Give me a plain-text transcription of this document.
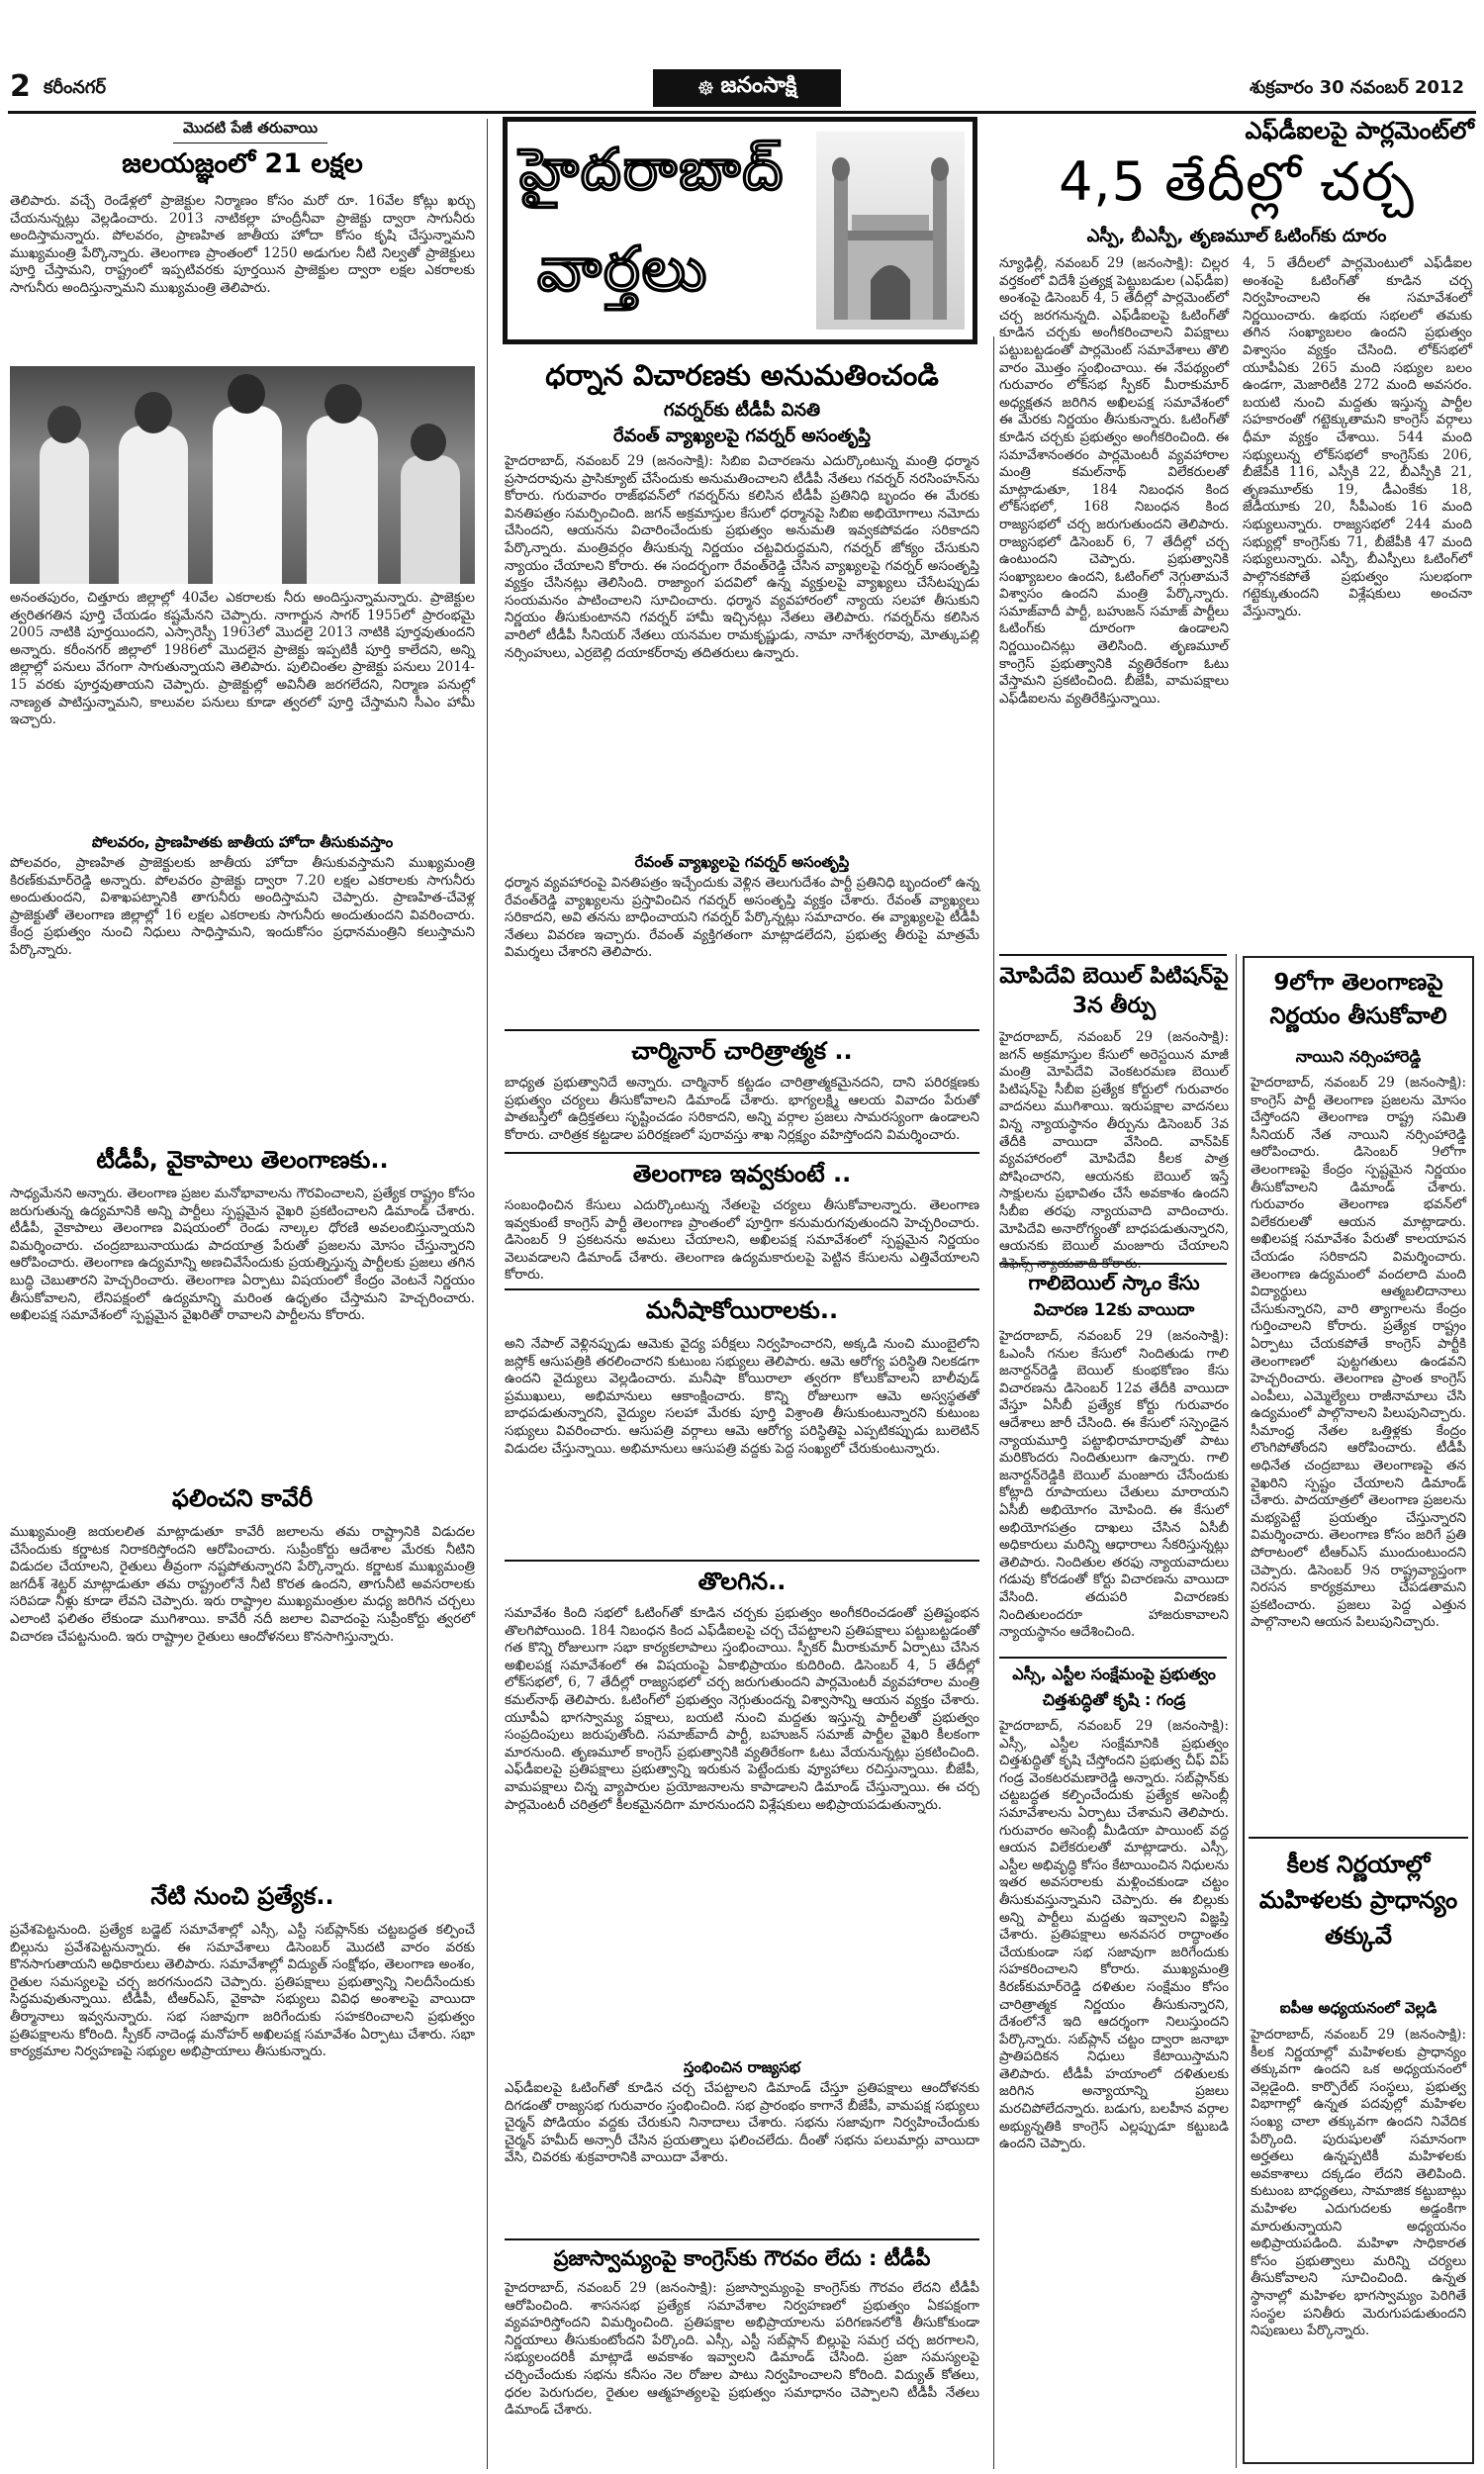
2 కరీంనగర్	☸ జనంసాక్షి	శుక్రవారం 30 నవంబర్ 2012
మొదటి పేజీ తరువాయి
జలయజ్ఞంలో 21 లక్షల
తెలిపారు. వచ్చే రెండేళ్లలో ప్రాజెక్టుల నిర్మాణం కోసం మరో రూ. 16వేల కోట్లు ఖర్చు చేయనున్నట్లు వెల్లడించారు. 2013 నాటికల్లా హంద్రీనీవా ప్రాజెక్టు ద్వారా సాగునీరు అందిస్తామన్నారు. పోలవరం, ప్రాణహిత జాతీయ హోదా కోసం కృషి చేస్తున్నామని ముఖ్యమంత్రి పేర్కొన్నారు. తెలంగాణ ప్రాంతంలో 1250 అడుగుల నీటి నిల్వతో ప్రాజెక్టులు పూర్తి చేస్తామని, రాష్ట్రంలో ఇప్పటివరకు పూర్తయిన ప్రాజెక్టుల ద్వారా లక్షల ఎకరాలకు సాగునీరు అందిస్తున్నామని ముఖ్యమంత్రి తెలిపారు.
అనంతపురం, చిత్తూరు జిల్లాల్లో 40వేల ఎకరాలకు నీరు అందిస్తున్నామన్నారు. ప్రాజెక్టుల త్వరితగతిన పూర్తి చేయడం కష్టమేనని చెప్పారు. నాగార్జున సాగర్ 1955లో ప్రారంభమై 2005 నాటికి పూర్తయిందని, ఎస్సారెస్పీ 1963లో మొదలై 2013 నాటికి పూర్తవుతుందని అన్నారు. కరీంనగర్ జిల్లాలో 1986లో మొదలైన ప్రాజెక్టు ఇప్పటికీ పూర్తి కాలేదని, అన్ని జిల్లాల్లో పనులు వేగంగా సాగుతున్నాయని తెలిపారు. పులిచింతల ప్రాజెక్టు పనులు 2014-15 వరకు పూర్తవుతాయని చెప్పారు. ప్రాజెక్టుల్లో అవినీతి జరగలేదని, నిర్మాణ పనుల్లో నాణ్యత పాటిస్తున్నామని, కాలువల పనులు కూడా త్వరలో పూర్తి చేస్తామని సీఎం హామీ ఇచ్చారు.
పోలవరం, ప్రాణహితకు జాతీయ హోదా తీసుకువస్తాం
పోలవరం, ప్రాణహిత ప్రాజెక్టులకు జాతీయ హోదా తీసుకువస్తామని ముఖ్యమంత్రి కిరణ్‌కుమార్‌రెడ్డి అన్నారు. పోలవరం ప్రాజెక్టు ద్వారా 7.20 లక్షల ఎకరాలకు సాగునీరు అందుతుందని, విశాఖపట్నానికి తాగునీరు అందిస్తామని చెప్పారు. ప్రాణహిత-చేవెళ్ల ప్రాజెక్టుతో తెలంగాణ జిల్లాల్లో 16 లక్షల ఎకరాలకు సాగునీరు అందుతుందని వివరించారు. కేంద్ర ప్రభుత్వం నుంచి నిధులు సాధిస్తామని, ఇందుకోసం ప్రధానమంత్రిని కలుస్తామని పేర్కొన్నారు.
టీడీపీ, వైకాపాలు తెలంగాణకు..
సాధ్యమేనని అన్నారు. తెలంగాణ ప్రజల మనోభావాలను గౌరవించాలని, ప్రత్యేక రాష్ట్రం కోసం జరుగుతున్న ఉద్యమానికి అన్ని పార్టీలు స్పష్టమైన వైఖరి ప్రకటించాలని డిమాండ్ చేశారు. టీడీపీ, వైకాపాలు తెలంగాణ విషయంలో రెండు నాల్కల ధోరణి అవలంబిస్తున్నాయని విమర్శించారు. చంద్రబాబునాయుడు పాదయాత్ర పేరుతో ప్రజలను మోసం చేస్తున్నారని ఆరోపించారు. తెలంగాణ ఉద్యమాన్ని అణచివేసేందుకు ప్రయత్నిస్తున్న పార్టీలకు ప్రజలు తగిన బుద్ధి చెబుతారని హెచ్చరించారు. తెలంగాణ ఏర్పాటు విషయంలో కేంద్రం వెంటనే నిర్ణయం తీసుకోవాలని, లేనిపక్షంలో ఉద్యమాన్ని మరింత ఉధృతం చేస్తామని హెచ్చరించారు. అఖిలపక్ష సమావేశంలో స్పష్టమైన వైఖరితో రావాలని పార్టీలను కోరారు.
ఫలించని కావేరీ
ముఖ్యమంత్రి జయలలిత మాట్లాడుతూ కావేరీ జలాలను తమ రాష్ట్రానికి విడుదల చేసేందుకు కర్ణాటక నిరాకరిస్తోందని ఆరోపించారు. సుప్రీంకోర్టు ఆదేశాల మేరకు నీటిని విడుదల చేయాలని, రైతులు తీవ్రంగా నష్టపోతున్నారని పేర్కొన్నారు. కర్ణాటక ముఖ్యమంత్రి జగదీశ్ శెట్టర్ మాట్లాడుతూ తమ రాష్ట్రంలోనే నీటి కొరత ఉందని, తాగునీటి అవసరాలకు సరిపడా నీళ్లు కూడా లేవని చెప్పారు. ఇరు రాష్ట్రాల ముఖ్యమంత్రుల మధ్య జరిగిన చర్చలు ఎలాంటి ఫలితం లేకుండా ముగిశాయి. కావేరీ నదీ జలాల వివాదంపై సుప్రీంకోర్టు త్వరలో విచారణ చేపట్టనుంది. ఇరు రాష్ట్రాల రైతులు ఆందోళనలు కొనసాగిస్తున్నారు.
నేటి నుంచి ప్రత్యేక..
ప్రవేశపెట్టనుంది. ప్రత్యేక బడ్జెట్ సమావేశాల్లో ఎస్సీ, ఎస్టీ సబ్‌ప్లాన్‌కు చట్టబద్ధత కల్పించే బిల్లును ప్రవేశపెట్టనున్నారు. ఈ సమావేశాలు డిసెంబర్ మొదటి వారం వరకు కొనసాగుతాయని అధికారులు తెలిపారు. సమావేశాల్లో విద్యుత్ సంక్షోభం, తెలంగాణ అంశం, రైతుల సమస్యలపై చర్చ జరగనుందని చెప్పారు. ప్రతిపక్షాలు ప్రభుత్వాన్ని నిలదీసేందుకు సిద్ధమవుతున్నాయి. టీడీపీ, టీఆర్‌ఎస్, వైకాపా సభ్యులు వివిధ అంశాలపై వాయిదా తీర్మానాలు ఇవ్వనున్నారు. సభ సజావుగా జరిగేందుకు సహకరించాలని ప్రభుత్వం ప్రతిపక్షాలను కోరింది. స్పీకర్ నాదెండ్ల మనోహర్ అఖిలపక్ష సమావేశం ఏర్పాటు చేశారు. సభా కార్యక్రమాల నిర్వహణపై సభ్యుల అభిప్రాయాలు తీసుకున్నారు.
హైదరాబాద్
వార్తలు
ధర్నాన విచారణకు అనుమతించండి
గవర్నర్‌కు టీడీపీ వినతి
రేవంత్ వ్యాఖ్యలపై గవర్నర్ అసంతృప్తి
హైదరాబాద్, నవంబర్ 29 (జనంసాక్షి): సిబిఐ విచారణను ఎదుర్కొంటున్న మంత్రి ధర్మాన ప్రసాదరావును ప్రాసిక్యూట్ చేసేందుకు అనుమతించాలని టీడీపీ నేతలు గవర్నర్ నరసింహన్‌ను కోరారు. గురువారం రాజ్‌భవన్‌లో గవర్నర్‌ను కలిసిన టీడీపీ ప్రతినిధి బృందం ఈ మేరకు వినతిపత్రం సమర్పించింది. జగన్ అక్రమాస్తుల కేసులో ధర్మానపై సిబిఐ అభియోగాలు నమోదు చేసిందని, ఆయనను విచారించేందుకు ప్రభుత్వం అనుమతి ఇవ్వకపోవడం సరికాదని పేర్కొన్నారు. మంత్రివర్గం తీసుకున్న నిర్ణయం చట్టవిరుద్ధమని, గవర్నర్ జోక్యం చేసుకుని న్యాయం చేయాలని కోరారు. ఈ సందర్భంగా రేవంత్‌రెడ్డి చేసిన వ్యాఖ్యలపై గవర్నర్ అసంతృప్తి వ్యక్తం చేసినట్లు తెలిసింది. రాజ్యాంగ పదవిలో ఉన్న వ్యక్తులపై వ్యాఖ్యలు చేసేటప్పుడు సంయమనం పాటించాలని సూచించారు. ధర్మాన వ్యవహారంలో న్యాయ సలహా తీసుకుని నిర్ణయం తీసుకుంటానని గవర్నర్ హామీ ఇచ్చినట్లు నేతలు తెలిపారు. గవర్నర్‌ను కలిసిన వారిలో టీడీపీ సీనియర్ నేతలు యనమల రామకృష్ణుడు, నామా నాగేశ్వరరావు, మోత్కుపల్లి నర్సింహులు, ఎర్రబెల్లి దయాకర్‌రావు తదితరులు ఉన్నారు.
రేవంత్ వ్యాఖ్యలపై గవర్నర్ అసంతృప్తి
ధర్మాన వ్యవహారంపై వినతిపత్రం ఇచ్చేందుకు వెళ్లిన తెలుగుదేశం పార్టీ ప్రతినిధి బృందంలో ఉన్న రేవంత్‌రెడ్డి వ్యాఖ్యలను ప్రస్తావించిన గవర్నర్ అసంతృప్తి వ్యక్తం చేశారు. రేవంత్ వ్యాఖ్యలు సరికాదని, అవి తనను బాధించాయని గవర్నర్ పేర్కొన్నట్లు సమాచారం. ఈ వ్యాఖ్యలపై టీడీపీ నేతలు వివరణ ఇచ్చారు. రేవంత్ వ్యక్తిగతంగా మాట్లాడలేదని, ప్రభుత్వ తీరుపై మాత్రమే విమర్శలు చేశారని తెలిపారు.
చార్మినార్ చారిత్రాత్మక ..
బాధ్యత ప్రభుత్వానిదే అన్నారు. చార్మినార్ కట్టడం చారిత్రాత్మకమైనదని, దాని పరిరక్షణకు ప్రభుత్వం చర్యలు తీసుకోవాలని డిమాండ్ చేశారు. భాగ్యలక్ష్మి ఆలయ వివాదం పేరుతో పాతబస్తీలో ఉద్రిక్తతలు సృష్టించడం సరికాదని, అన్ని వర్గాల ప్రజలు సామరస్యంగా ఉండాలని కోరారు. చారిత్రక కట్టడాల పరిరక్షణలో పురావస్తు శాఖ నిర్లక్ష్యం వహిస్తోందని విమర్శించారు.
తెలంగాణ ఇవ్వకుంటే ..
సంబంధించిన కేసులు ఎదుర్కొంటున్న నేతలపై చర్యలు తీసుకోవాలన్నారు. తెలంగాణ ఇవ్వకుంటే కాంగ్రెస్ పార్టీ తెలంగాణ ప్రాంతంలో పూర్తిగా కనుమరుగవుతుందని హెచ్చరించారు. డిసెంబర్ 9 ప్రకటనను అమలు చేయాలని, అఖిలపక్ష సమావేశంలో స్పష్టమైన నిర్ణయం వెలువడాలని డిమాండ్ చేశారు. తెలంగాణ ఉద్యమకారులపై పెట్టిన కేసులను ఎత్తివేయాలని కోరారు.
మనీషాకోయిరాలకు..
అని నేపాల్ వెళ్లినప్పుడు ఆమెకు వైద్య పరీక్షలు నిర్వహించారని, అక్కడి నుంచి ముంబైలోని జస్లోక్ ఆసుపత్రికి తరలించారని కుటుంబ సభ్యులు తెలిపారు. ఆమె ఆరోగ్య పరిస్థితి నిలకడగా ఉందని వైద్యులు వెల్లడించారు. మనీషా కోయిరాలా త్వరగా కోలుకోవాలని బాలీవుడ్ ప్రముఖులు, అభిమానులు ఆకాంక్షించారు. కొన్ని రోజులుగా ఆమె అస్వస్థతతో బాధపడుతున్నారని, వైద్యుల సలహా మేరకు పూర్తి విశ్రాంతి తీసుకుంటున్నారని కుటుంబ సభ్యులు వివరించారు. ఆసుపత్రి వర్గాలు ఆమె ఆరోగ్య పరిస్థితిపై ఎప్పటికప్పుడు బులెటిన్ విడుదల చేస్తున్నాయి. అభిమానులు ఆసుపత్రి వద్దకు పెద్ద సంఖ్యలో చేరుకుంటున్నారు.
తొలగిన..
సమావేశం కింది సభలో ఓటింగ్‌తో కూడిన చర్చకు ప్రభుత్వం అంగీకరించడంతో ప్రతిష్టంభన తొలగిపోయింది. 184 నిబంధన కింద ఎఫ్‌డీఐలపై చర్చ చేపట్టాలని ప్రతిపక్షాలు పట్టుబట్టడంతో గత కొన్ని రోజులుగా సభా కార్యకలాపాలు స్తంభించాయి. స్పీకర్ మీరాకుమార్ ఏర్పాటు చేసిన అఖిలపక్ష సమావేశంలో ఈ విషయంపై ఏకాభిప్రాయం కుదిరింది. డిసెంబర్ 4, 5 తేదీల్లో లోక్‌సభలో, 6, 7 తేదీల్లో రాజ్యసభలో చర్చ జరుగుతుందని పార్లమెంటరీ వ్యవహారాల మంత్రి కమల్‌నాథ్ తెలిపారు. ఓటింగ్‌లో ప్రభుత్వం నెగ్గుతుందన్న విశ్వాసాన్ని ఆయన వ్యక్తం చేశారు. యూపీఏ భాగస్వామ్య పక్షాలు, బయటి నుంచి మద్దతు ఇస్తున్న పార్టీలతో ప్రభుత్వం సంప్రదింపులు జరుపుతోంది. సమాజ్‌వాదీ పార్టీ, బహుజన్ సమాజ్ పార్టీల వైఖరి కీలకంగా మారనుంది. తృణమూల్ కాంగ్రెస్ ప్రభుత్వానికి వ్యతిరేకంగా ఓటు వేయనున్నట్లు ప్రకటించింది. ఎఫ్‌డీఐలపై ప్రతిపక్షాలు ప్రభుత్వాన్ని ఇరుకున పెట్టేందుకు వ్యూహాలు రచిస్తున్నాయి. బీజేపీ, వామపక్షాలు చిన్న వ్యాపారుల ప్రయోజనాలను కాపాడాలని డిమాండ్ చేస్తున్నాయి. ఈ చర్చ పార్లమెంటరీ చరిత్రలో కీలకమైనదిగా మారనుందని విశ్లేషకులు అభిప్రాయపడుతున్నారు.
స్తంభించిన రాజ్యసభ
ఎఫ్‌డీఐలపై ఓటింగ్‌తో కూడిన చర్చ చేపట్టాలని డిమాండ్ చేస్తూ ప్రతిపక్షాలు ఆందోళనకు దిగడంతో రాజ్యసభ గురువారం స్తంభించింది. సభ ప్రారంభం కాగానే బీజేపీ, వామపక్ష సభ్యులు చైర్మన్ పోడియం వద్దకు చేరుకుని నినాదాలు చేశారు. సభను సజావుగా నిర్వహించేందుకు చైర్మన్ హమీద్ అన్సారీ చేసిన ప్రయత్నాలు ఫలించలేదు. దీంతో సభను పలుమార్లు వాయిదా వేసి, చివరకు శుక్రవారానికి వాయిదా వేశారు.
ప్రజాస్వామ్యంపై కాంగ్రెస్‌కు గౌరవం లేదు : టీడీపీ
హైదరాబాద్, నవంబర్ 29 (జనంసాక్షి): ప్రజాస్వామ్యంపై కాంగ్రెస్‌కు గౌరవం లేదని టీడీపీ ఆరోపించింది. శాసనసభ ప్రత్యేక సమావేశాల నిర్వహణలో ప్రభుత్వం ఏకపక్షంగా వ్యవహరిస్తోందని విమర్శించింది. ప్రతిపక్షాల అభిప్రాయాలను పరిగణనలోకి తీసుకోకుండా నిర్ణయాలు తీసుకుంటోందని పేర్కొంది. ఎస్సీ, ఎస్టీ సబ్‌ప్లాన్ బిల్లుపై సమగ్ర చర్చ జరగాలని, సభ్యులందరికీ మాట్లాడే అవకాశం ఇవ్వాలని డిమాండ్ చేసింది. ప్రజా సమస్యలపై చర్చించేందుకు సభను కనీసం నెల రోజుల పాటు నిర్వహించాలని కోరింది. విద్యుత్ కోతలు, ధరల పెరుగుదల, రైతుల ఆత్మహత్యలపై ప్రభుత్వం సమాధానం చెప్పాలని టీడీపీ నేతలు డిమాండ్ చేశారు.
ఎఫ్‌డీఐలపై పార్లమెంట్‌లో
4,5 తేదీల్లో చర్చ
ఎస్పీ, బీఎస్పీ, తృణమూల్ ఓటింగ్‌కు దూరం
న్యూఢిల్లీ, నవంబర్ 29 (జనంసాక్షి): చిల్లర వర్తకంలో విదేశీ ప్రత్యక్ష పెట్టుబడుల (ఎఫ్‌డీఐ) అంశంపై డిసెంబర్ 4, 5 తేదీల్లో పార్లమెంట్‌లో చర్చ జరగనున్నది. ఎఫ్‌డీఐలపై ఓటింగ్‌తో కూడిన చర్చకు అంగీకరించాలని విపక్షాలు పట్టుబట్టడంతో పార్లమెంట్ సమావేశాలు తొలి వారం మొత్తం స్తంభించాయి. ఈ నేపథ్యంలో గురువారం లోక్‌సభ స్పీకర్ మీరాకుమార్ అధ్యక్షతన జరిగిన అఖిలపక్ష సమావేశంలో ఈ మేరకు నిర్ణయం తీసుకున్నారు. ఓటింగ్‌తో కూడిన చర్చకు ప్రభుత్వం అంగీకరించింది. ఈ సమావేశానంతరం పార్లమెంటరీ వ్యవహారాల మంత్రి కమల్‌నాథ్ విలేకరులతో మాట్లాడుతూ, 184 నిబంధన కింద లోక్‌సభలో, 168 నిబంధన కింద రాజ్యసభలో చర్చ జరుగుతుందని తెలిపారు. రాజ్యసభలో డిసెంబర్ 6, 7 తేదీల్లో చర్చ ఉంటుందని చెప్పారు. ప్రభుత్వానికి సంఖ్యాబలం ఉందని, ఓటింగ్‌లో నెగ్గుతామనే విశ్వాసం ఉందని మంత్రి పేర్కొన్నారు. సమాజ్‌వాదీ పార్టీ, బహుజన్ సమాజ్ పార్టీలు ఓటింగ్‌కు దూరంగా ఉండాలని నిర్ణయించినట్లు తెలిసింది. తృణమూల్ కాంగ్రెస్ ప్రభుత్వానికి వ్యతిరేకంగా ఓటు వేస్తామని ప్రకటించింది. బీజేపీ, వామపక్షాలు ఎఫ్‌డీఐలను వ్యతిరేకిస్తున్నాయి.
4, 5 తేదీలలో పార్లమెంటులో ఎఫ్‌డీఐల అంశంపై ఓటింగ్‌తో కూడిన చర్చ నిర్వహించాలని ఈ సమావేశంలో నిర్ణయించారు. ఉభయ సభలలో తమకు తగిన సంఖ్యాబలం ఉందని ప్రభుత్వం విశ్వాసం వ్యక్తం చేసింది. లోక్‌సభలో యూపీఏకు 265 మంది సభ్యుల బలం ఉండగా, మెజారిటీకి 272 మంది అవసరం. బయటి నుంచి మద్దతు ఇస్తున్న పార్టీల సహకారంతో గట్టెక్కుతామని కాంగ్రెస్ వర్గాలు ధీమా వ్యక్తం చేశాయి. 544 మంది సభ్యులున్న లోక్‌సభలో కాంగ్రెస్‌కు 206, బీజేపీకి 116, ఎస్పీకి 22, బీఎస్పీకి 21, తృణమూల్‌కు 19, డీఎంకేకు 18, జేడీయూకు 20, సీపీఎంకు 16 మంది సభ్యులున్నారు. రాజ్యసభలో 244 మంది సభ్యుల్లో కాంగ్రెస్‌కు 71, బీజేపీకి 47 మంది సభ్యులున్నారు. ఎస్పీ, బీఎస్పీలు ఓటింగ్‌లో పాల్గొనకపోతే ప్రభుత్వం సులభంగా గట్టెక్కుతుందని విశ్లేషకులు అంచనా వేస్తున్నారు.
మోపిదేవి బెయిల్ పిటిషన్‌పై 3న తీర్పు
హైదరాబాద్, నవంబర్ 29 (జనంసాక్షి): జగన్ అక్రమాస్తుల కేసులో అరెస్టయిన మాజీ మంత్రి మోపిదేవి వెంకటరమణ బెయిల్ పిటిషన్‌పై సీబీఐ ప్రత్యేక కోర్టులో గురువారం వాదనలు ముగిశాయి. ఇరుపక్షాల వాదనలు విన్న న్యాయస్థానం తీర్పును డిసెంబర్ 3వ తేదీకి వాయిదా వేసింది. వాన్‌పిక్ వ్యవహారంలో మోపిదేవి కీలక పాత్ర పోషించారని, ఆయనకు బెయిల్ ఇస్తే సాక్షులను ప్రభావితం చేసే అవకాశం ఉందని సీబీఐ తరఫు న్యాయవాది వాదించారు. మోపిదేవి అనారోగ్యంతో బాధపడుతున్నారని, ఆయనకు బెయిల్ మంజూరు చేయాలని డిఫెన్స్ న్యాయవాది కోరారు.
గాలిబెయిల్ స్కాం కేసు
విచారణ 12కు వాయిదా
హైదరాబాద్, నవంబర్ 29 (జనంసాక్షి): ఓఎంసీ గనుల కేసులో నిందితుడు గాలి జనార్దన్‌రెడ్డి బెయిల్ కుంభకోణం కేసు విచారణను డిసెంబర్ 12వ తేదీకి వాయిదా వేస్తూ ఏసీబీ ప్రత్యేక కోర్టు గురువారం ఆదేశాలు జారీ చేసింది. ఈ కేసులో సస్పెండైన న్యాయమూర్తి పట్టాభిరామారావుతో పాటు మరికొందరు నిందితులుగా ఉన్నారు. గాలి జనార్దన్‌రెడ్డికి బెయిల్ మంజూరు చేసేందుకు కోట్లాది రూపాయలు చేతులు మారాయని ఏసీబీ అభియోగం మోపింది. ఈ కేసులో అభియోగపత్రం దాఖలు చేసిన ఏసీబీ అధికారులు మరిన్ని ఆధారాలు సేకరిస్తున్నట్లు తెలిపారు. నిందితుల తరఫు న్యాయవాదులు గడువు కోరడంతో కోర్టు విచారణను వాయిదా వేసింది. తదుపరి విచారణకు నిందితులందరూ హాజరుకావాలని న్యాయస్థానం ఆదేశించింది.
ఎస్సీ, ఎస్టీల సంక్షేమంపై ప్రభుత్వం
చిత్తశుద్ధితో కృషి : గండ్ర
హైదరాబాద్, నవంబర్ 29 (జనంసాక్షి): ఎస్సీ, ఎస్టీల సంక్షేమానికి ప్రభుత్వం చిత్తశుద్ధితో కృషి చేస్తోందని ప్రభుత్వ చీఫ్ విప్ గండ్ర వెంకటరమణారెడ్డి అన్నారు. సబ్‌ప్లాన్‌కు చట్టబద్ధత కల్పించేందుకు ప్రత్యేక అసెంబ్లీ సమావేశాలను ఏర్పాటు చేశామని తెలిపారు. గురువారం అసెంబ్లీ మీడియా పాయింట్ వద్ద ఆయన విలేకరులతో మాట్లాడారు. ఎస్సీ, ఎస్టీల అభివృద్ధి కోసం కేటాయించిన నిధులను ఇతర అవసరాలకు మళ్లించకుండా చట్టం తీసుకువస్తున్నామని చెప్పారు. ఈ బిల్లుకు అన్ని పార్టీలు మద్దతు ఇవ్వాలని విజ్ఞప్తి చేశారు. ప్రతిపక్షాలు అనవసర రాద్ధాంతం చేయకుండా సభ సజావుగా జరిగేందుకు సహకరించాలని కోరారు. ముఖ్యమంత్రి కిరణ్‌కుమార్‌రెడ్డి దళితుల సంక్షేమం కోసం చారిత్రాత్మక నిర్ణయం తీసుకున్నారని, దేశంలోనే ఇది ఆదర్శంగా నిలుస్తుందని పేర్కొన్నారు. సబ్‌ప్లాన్ చట్టం ద్వారా జనాభా ప్రాతిపదికన నిధులు కేటాయిస్తామని తెలిపారు. టీడీపీ హయాంలో దళితులకు జరిగిన అన్యాయాన్ని ప్రజలు మరచిపోలేదన్నారు. బడుగు, బలహీన వర్గాల అభ్యున్నతికి కాంగ్రెస్ ఎల్లప్పుడూ కట్టుబడి ఉందని చెప్పారు.
9లోగా తెలంగాణపై నిర్ణయం తీసుకోవాలి
నాయిని నర్సింహారెడ్డి
హైదరాబాద్, నవంబర్ 29 (జనంసాక్షి): కాంగ్రెస్ పార్టీ తెలంగాణ ప్రజలను మోసం చేస్తోందని తెలంగాణ రాష్ట్ర సమితి సీనియర్ నేత నాయిని నర్సింహారెడ్డి ఆరోపించారు. డిసెంబర్ 9లోగా తెలంగాణపై కేంద్రం స్పష్టమైన నిర్ణయం తీసుకోవాలని డిమాండ్ చేశారు. గురువారం తెలంగాణ భవన్‌లో విలేకరులతో ఆయన మాట్లాడారు. అఖిలపక్ష సమావేశం పేరుతో కాలయాపన చేయడం సరికాదని విమర్శించారు. తెలంగాణ ఉద్యమంలో వందలాది మంది విద్యార్థులు ఆత్మబలిదానాలు చేసుకున్నారని, వారి త్యాగాలను కేంద్రం గుర్తించాలని కోరారు. ప్రత్యేక రాష్ట్రం ఏర్పాటు చేయకపోతే కాంగ్రెస్ పార్టీకి తెలంగాణలో పుట్టగతులు ఉండవని హెచ్చరించారు. తెలంగాణ ప్రాంత కాంగ్రెస్ ఎంపీలు, ఎమ్మెల్యేలు రాజీనామాలు చేసి ఉద్యమంలో పాల్గొనాలని పిలుపునిచ్చారు. సీమాంధ్ర నేతల ఒత్తిళ్లకు కేంద్రం లొంగిపోతోందని ఆరోపించారు. టీడీపీ అధినేత చంద్రబాబు తెలంగాణపై తన వైఖరిని స్పష్టం చేయాలని డిమాండ్ చేశారు. పాదయాత్రలో తెలంగాణ ప్రజలను మభ్యపెట్టే ప్రయత్నం చేస్తున్నారని విమర్శించారు. తెలంగాణ కోసం జరిగే ప్రతి పోరాటంలో టీఆర్‌ఎస్ ముందుంటుందని చెప్పారు. డిసెంబర్ 9న రాష్ట్రవ్యాప్తంగా నిరసన కార్యక్రమాలు చేపడతామని ప్రకటించారు. ప్రజలు పెద్ద ఎత్తున పాల్గొనాలని ఆయన పిలుపునిచ్చారు.
కీలక నిర్ణయాల్లో మహిళలకు ప్రాధాన్యం తక్కువే
ఐపీఆ అధ్యయనంలో వెల్లడి
హైదరాబాద్, నవంబర్ 29 (జనంసాక్షి): కీలక నిర్ణయాల్లో మహిళలకు ప్రాధాన్యం తక్కువగా ఉందని ఒక అధ్యయనంలో వెల్లడైంది. కార్పొరేట్ సంస్థలు, ప్రభుత్వ విభాగాల్లో ఉన్నత పదవుల్లో మహిళల సంఖ్య చాలా తక్కువగా ఉందని నివేదిక పేర్కొంది. పురుషులతో సమానంగా అర్హతలు ఉన్నప్పటికీ మహిళలకు అవకాశాలు దక్కడం లేదని తెలిపింది. కుటుంబ బాధ్యతలు, సామాజిక కట్టుబాట్లు మహిళల ఎదుగుదలకు అడ్డంకిగా మారుతున్నాయని అధ్యయనం అభిప్రాయపడింది. మహిళా సాధికారత కోసం ప్రభుత్వాలు మరిన్ని చర్యలు తీసుకోవాలని సూచించింది. ఉన్నత స్థానాల్లో మహిళల భాగస్వామ్యం పెరిగితే సంస్థల పనితీరు మెరుగుపడుతుందని నిపుణులు పేర్కొన్నారు.
